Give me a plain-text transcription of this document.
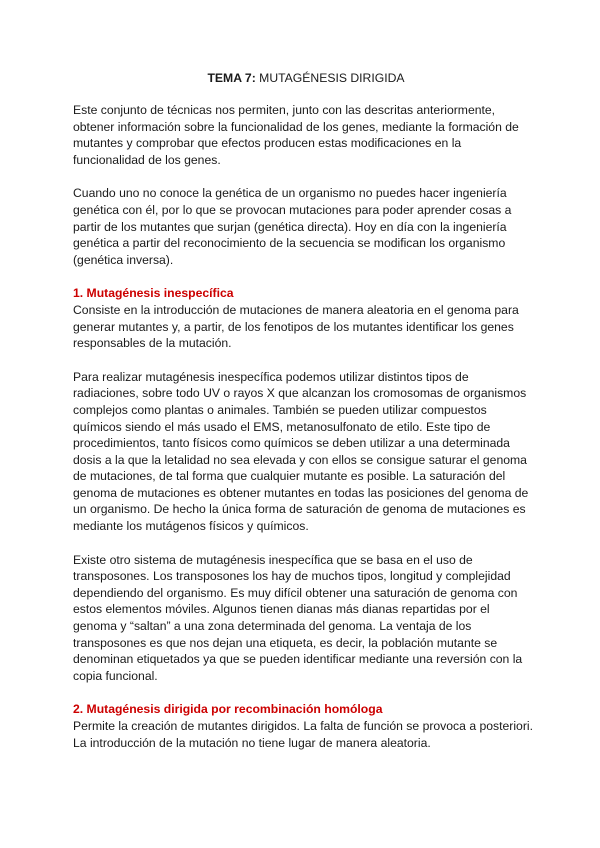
TEMA 7: MUTAGÉNESIS DIRIGIDA

Este conjunto de técnicas nos permiten, junto con las descritas anteriormente, obtener información sobre la funcionalidad de los genes, mediante la formación de mutantes y comprobar que efectos producen estas modificaciones en la funcionalidad de los genes.

Cuando uno no conoce la genética de un organismo no puedes hacer ingeniería genética con él, por lo que se provocan mutaciones para poder aprender cosas a partir de los mutantes que surjan (genética directa). Hoy en día con la ingeniería genética a partir del reconocimiento de la secuencia se modifican los organismo (genética inversa).

1. Mutagénesis inespecífica

Consiste en la introducción de mutaciones de manera aleatoria en el genoma para generar mutantes y, a partir, de los fenotipos de los mutantes identificar los genes responsables de la mutación.

Para realizar mutagénesis inespecífica podemos utilizar distintos tipos de radiaciones, sobre todo UV o rayos X que alcanzan los cromosomas de organismos complejos como plantas o animales. También se pueden utilizar compuestos químicos siendo el más usado el EMS, metanosulfonato de etilo. Este tipo de procedimientos, tanto físicos como químicos se deben utilizar a una determinada dosis a la que la letalidad no sea elevada y con ellos se consigue saturar el genoma de mutaciones, de tal forma que cualquier mutante es posible. La saturación del genoma de mutaciones es obtener mutantes en todas las posiciones del genoma de un organismo. De hecho la única forma de saturación de genoma de mutaciones es mediante los mutágenos físicos y químicos.

Existe otro sistema de mutagénesis inespecífica que se basa en el uso de transposones. Los transposones los hay de muchos tipos, longitud y complejidad dependiendo del organismo. Es muy difícil obtener una saturación de genoma con estos elementos móviles. Algunos tienen dianas más dianas repartidas por el genoma y “saltan” a una zona determinada del genoma. La ventaja de los transposones es que nos dejan una etiqueta, es decir, la población mutante se denominan etiquetados ya que se pueden identificar mediante una reversión con la copia funcional.

2. Mutagénesis dirigida por recombinación homóloga

Permite la creación de mutantes dirigidos. La falta de función se provoca a posteriori. La introducción de la mutación no tiene lugar de manera aleatoria.
